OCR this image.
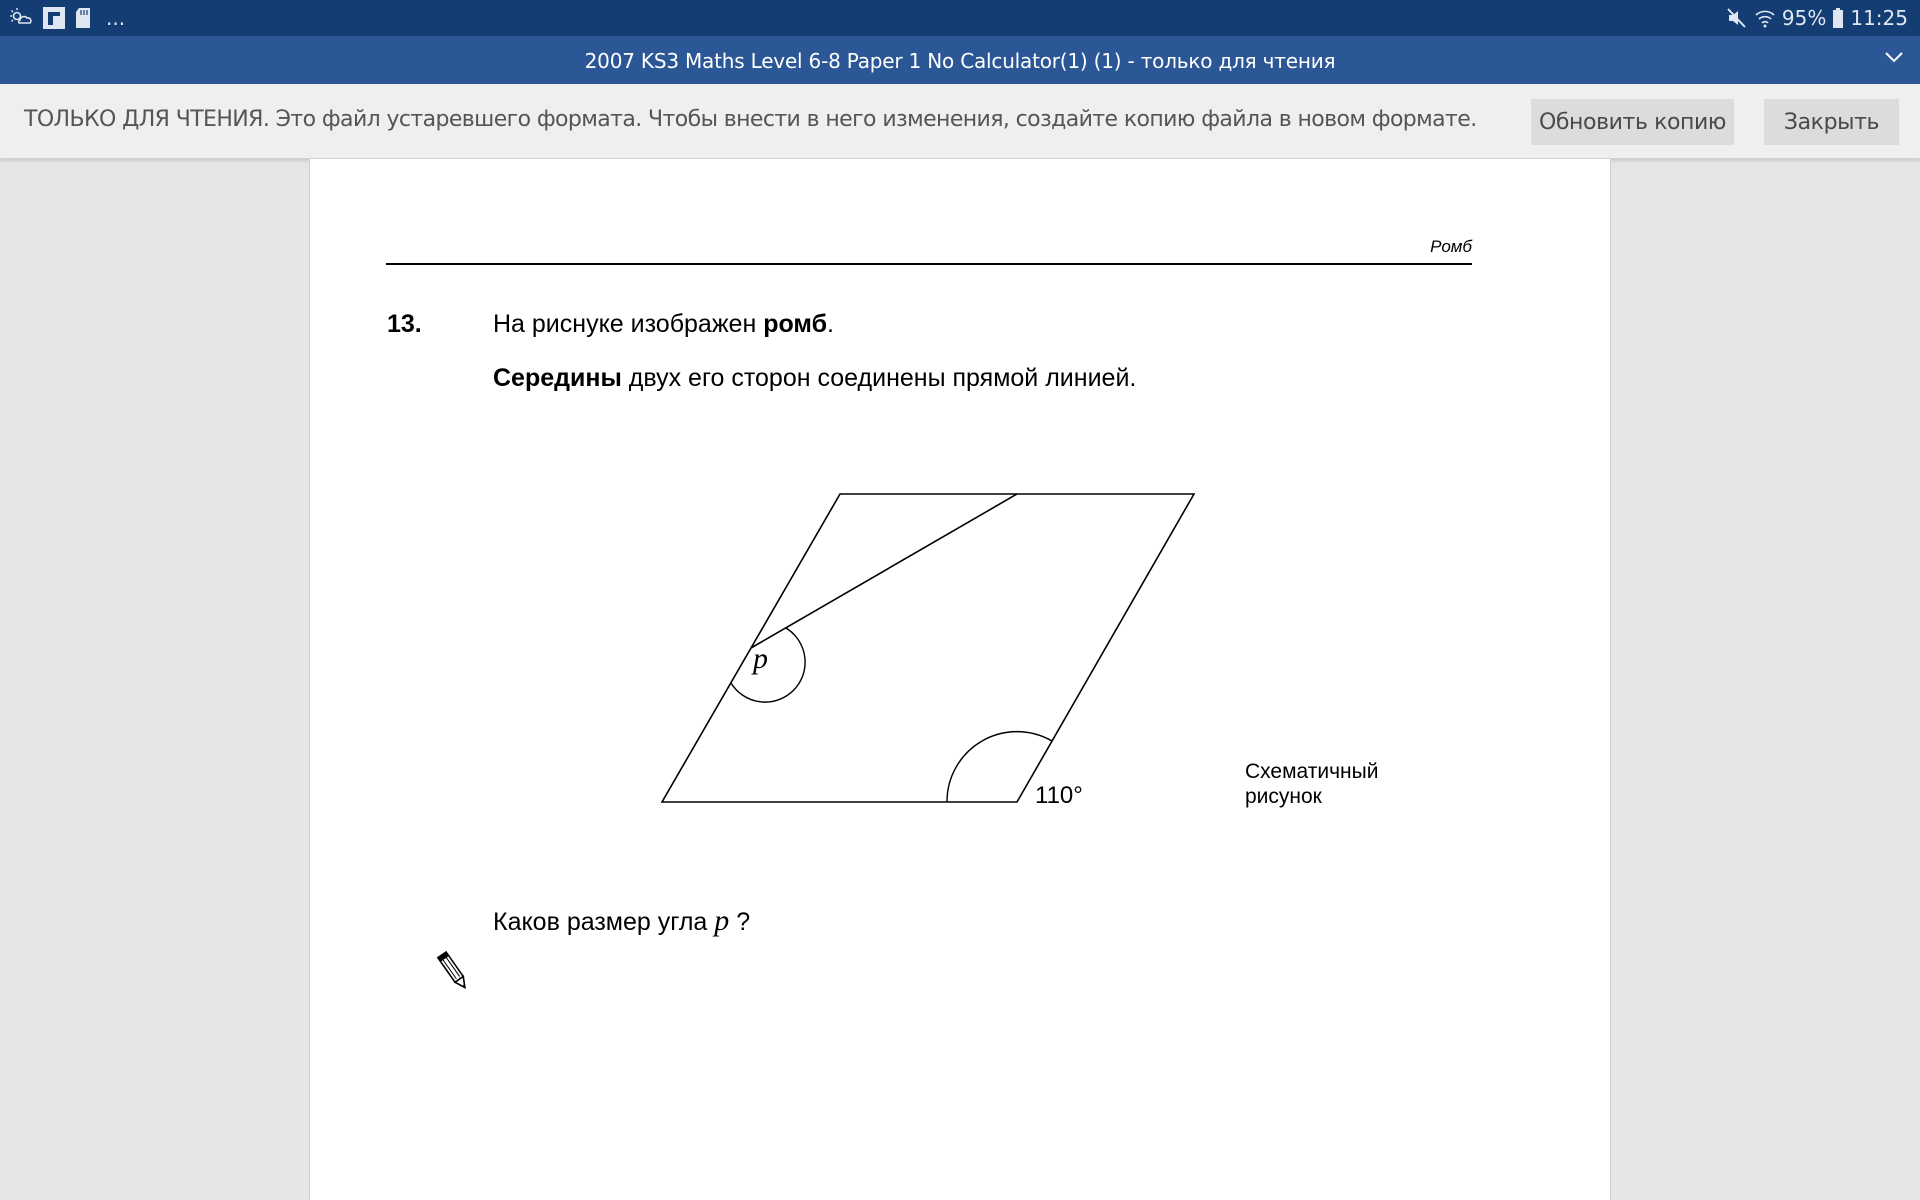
...	95% 11:25
2007 KS3 Maths Level 6-8 Paper 1 No Calculator(1) (1) - только для чтения
ТОЛЬКО ДЛЯ ЧТЕНИЯ. Это файл устаревшего формата. Чтобы внести в него изменения, создайте копию файла в новом формате.	Обновить копию	Закрыть
Ромб
13.	На риснуке изображен ромб.
Середины двух его сторон соединены прямой линией.
p
110°
Схематичный
рисунок
Каков размер угла p ?
